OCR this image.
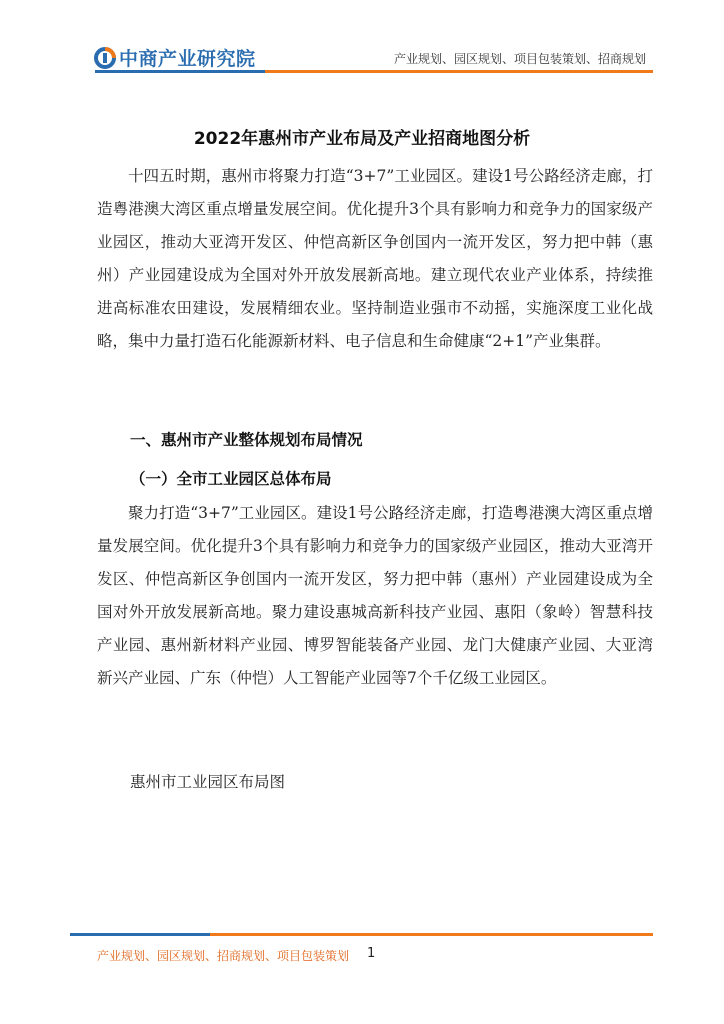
中商产业研究院	产业规划、园区规划、项目包装策划、招商规划
2022年惠州市产业布局及产业招商地图分析

十四五时期，惠州市将聚力打造“3+7”工业园区。建设1号公路经济走廊，打造粤港澳大湾区重点增量发展空间。优化提升3个具有影响力和竞争力的国家级产业园区，推动大亚湾开发区、仲恺高新区争创国内一流开发区，努力把中韩（惠州）产业园建设成为全国对外开放发展新高地。建立现代农业产业体系，持续推进高标准农田建设，发展精细农业。坚持制造业强市不动摇，实施深度工业化战略，集中力量打造石化能源新材料、电子信息和生命健康“2+1”产业集群。

一、惠州市产业整体规划布局情况
（一）全市工业园区总体布局

聚力打造“3+7”工业园区。建设1号公路经济走廊，打造粤港澳大湾区重点增量发展空间。优化提升3个具有影响力和竞争力的国家级产业园区，推动大亚湾开发区、仲恺高新区争创国内一流开发区，努力把中韩（惠州）产业园建设成为全国对外开放发展新高地。聚力建设惠城高新科技产业园、惠阳（象岭）智慧科技产业园、惠州新材料产业园、博罗智能装备产业园、龙门大健康产业园、大亚湾新兴产业园、广东（仲恺）人工智能产业园等7个千亿级工业园区。

惠州市工业园区布局图
产业规划、园区规划、招商规划、项目包装策划 1
